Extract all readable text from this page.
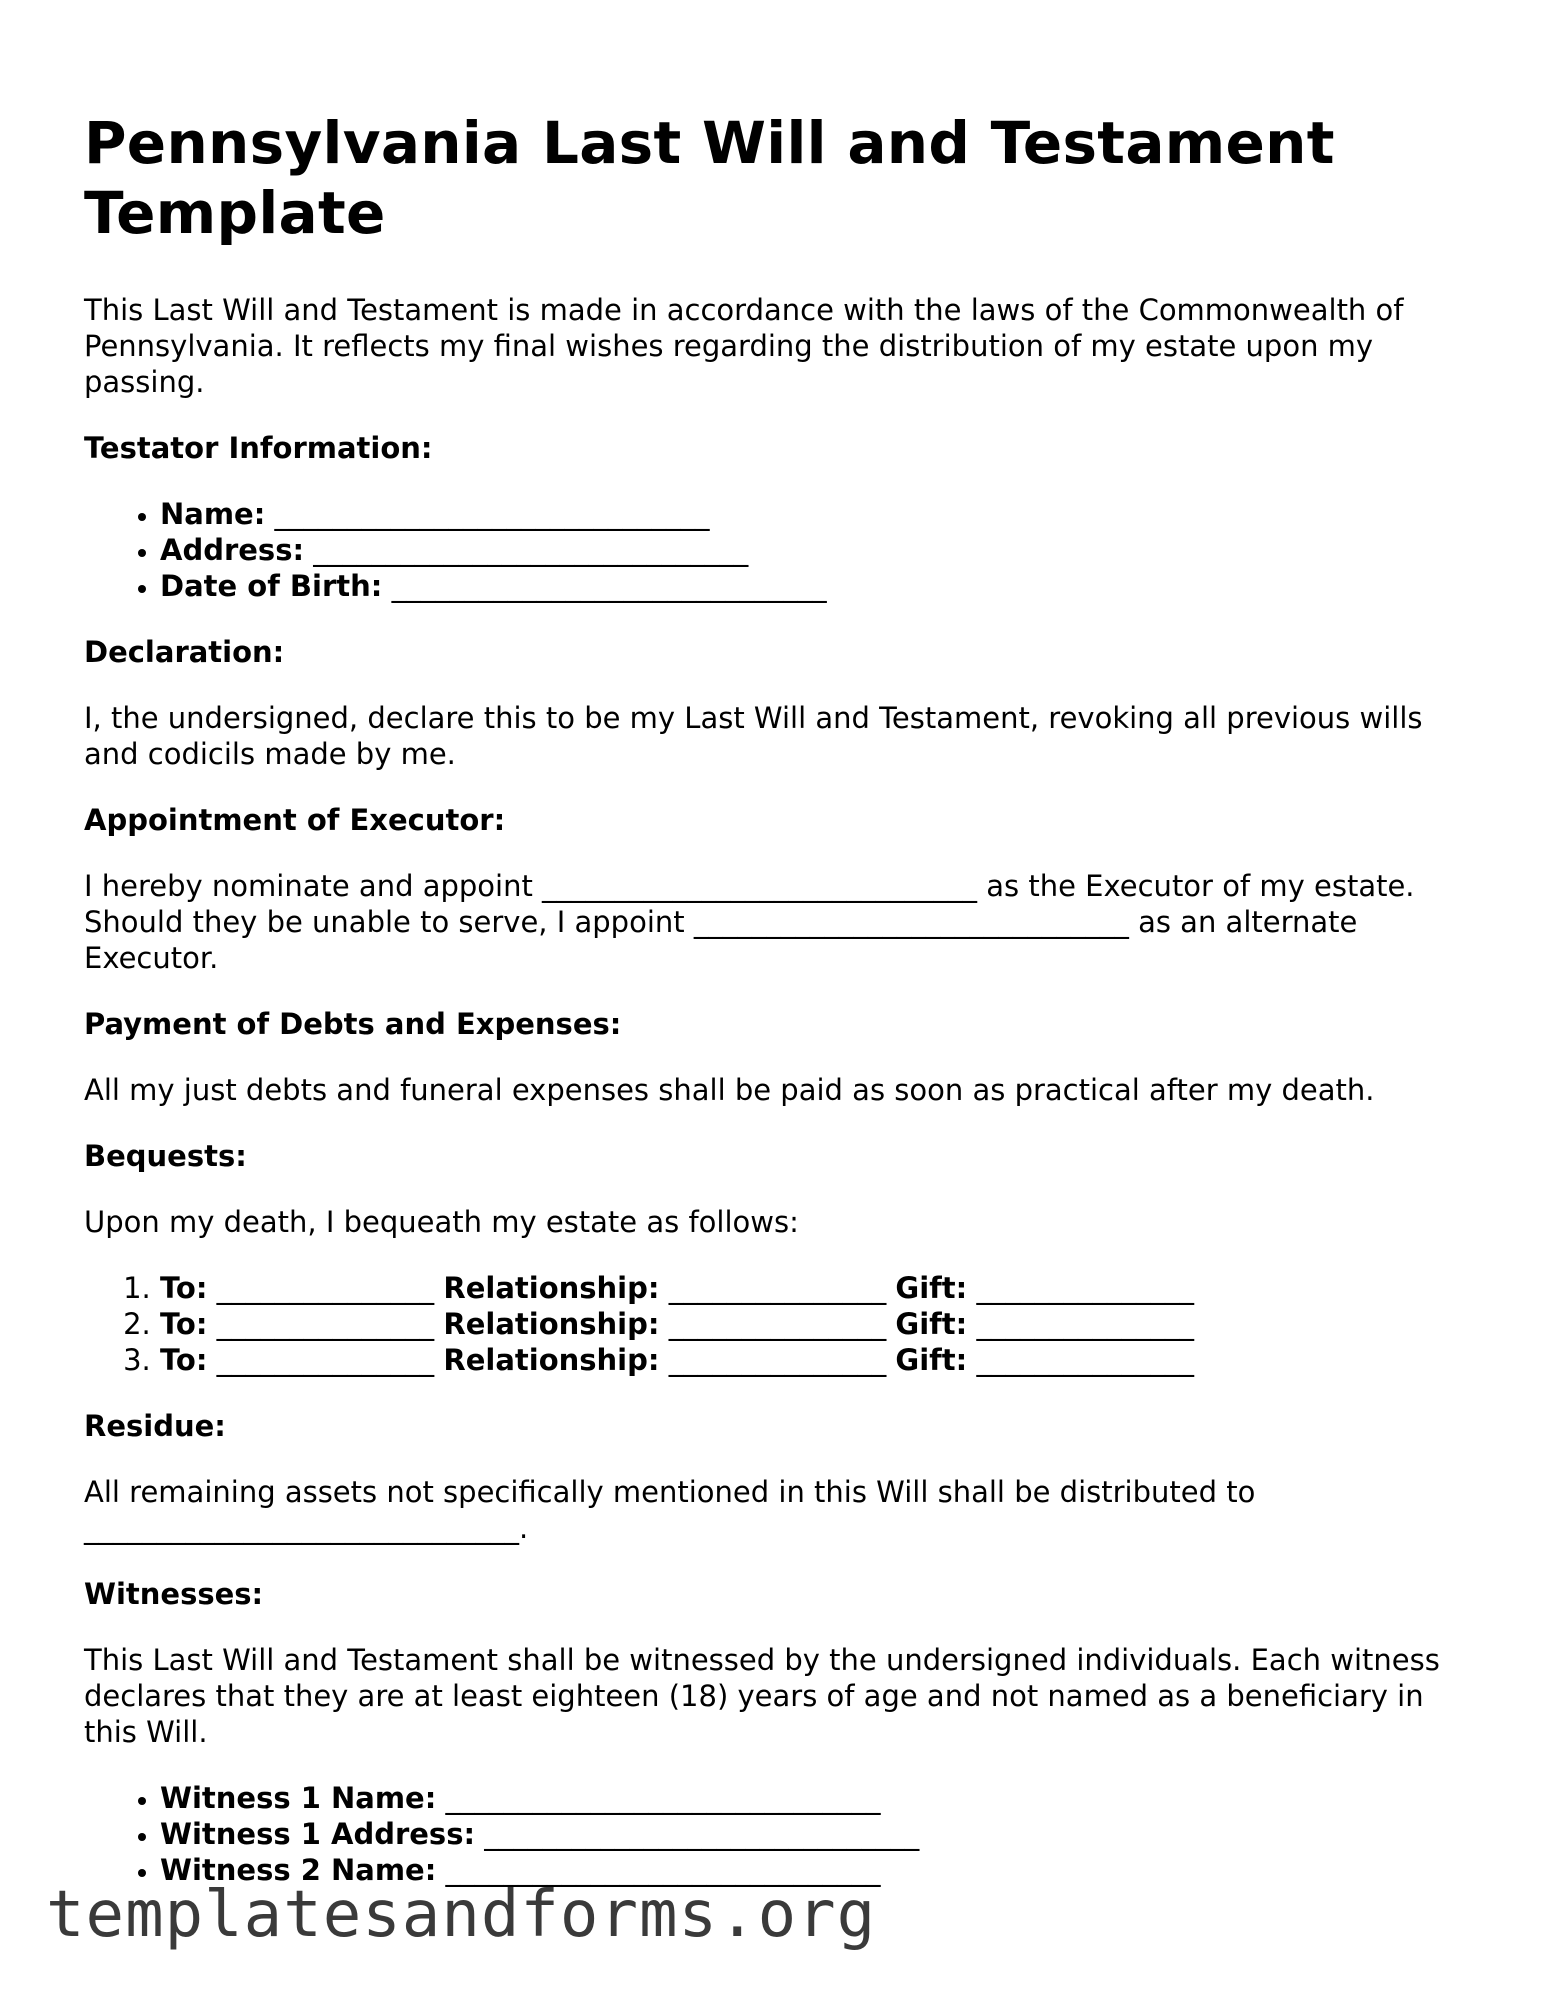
Pennsylvania Last Will and Testament Template

This Last Will and Testament is made in accordance with the laws of the Commonwealth of Pennsylvania. It reflects my final wishes regarding the distribution of my estate upon my passing.

Testator Information:

• Name: ______________________________
• Address: ______________________________
• Date of Birth: ______________________________

Declaration:

I, the undersigned, declare this to be my Last Will and Testament, revoking all previous wills and codicils made by me.

Appointment of Executor:

I hereby nominate and appoint ______________________________ as the Executor of my estate. Should they be unable to serve, I appoint ______________________________ as an alternate Executor.

Payment of Debts and Expenses:

All my just debts and funeral expenses shall be paid as soon as practical after my death.

Bequests:

Upon my death, I bequeath my estate as follows:

1. To: _______________ Relationship: _______________ Gift: _______________
2. To: _______________ Relationship: _______________ Gift: _______________
3. To: _______________ Relationship: _______________ Gift: _______________

Residue:

All remaining assets not specifically mentioned in this Will shall be distributed to ______________________________.

Witnesses:

This Last Will and Testament shall be witnessed by the undersigned individuals. Each witness declares that they are at least eighteen (18) years of age and not named as a beneficiary in this Will.

• Witness 1 Name: ______________________________
• Witness 1 Address: ______________________________
• Witness 2 Name: ______________________________
templatesandforms.org
